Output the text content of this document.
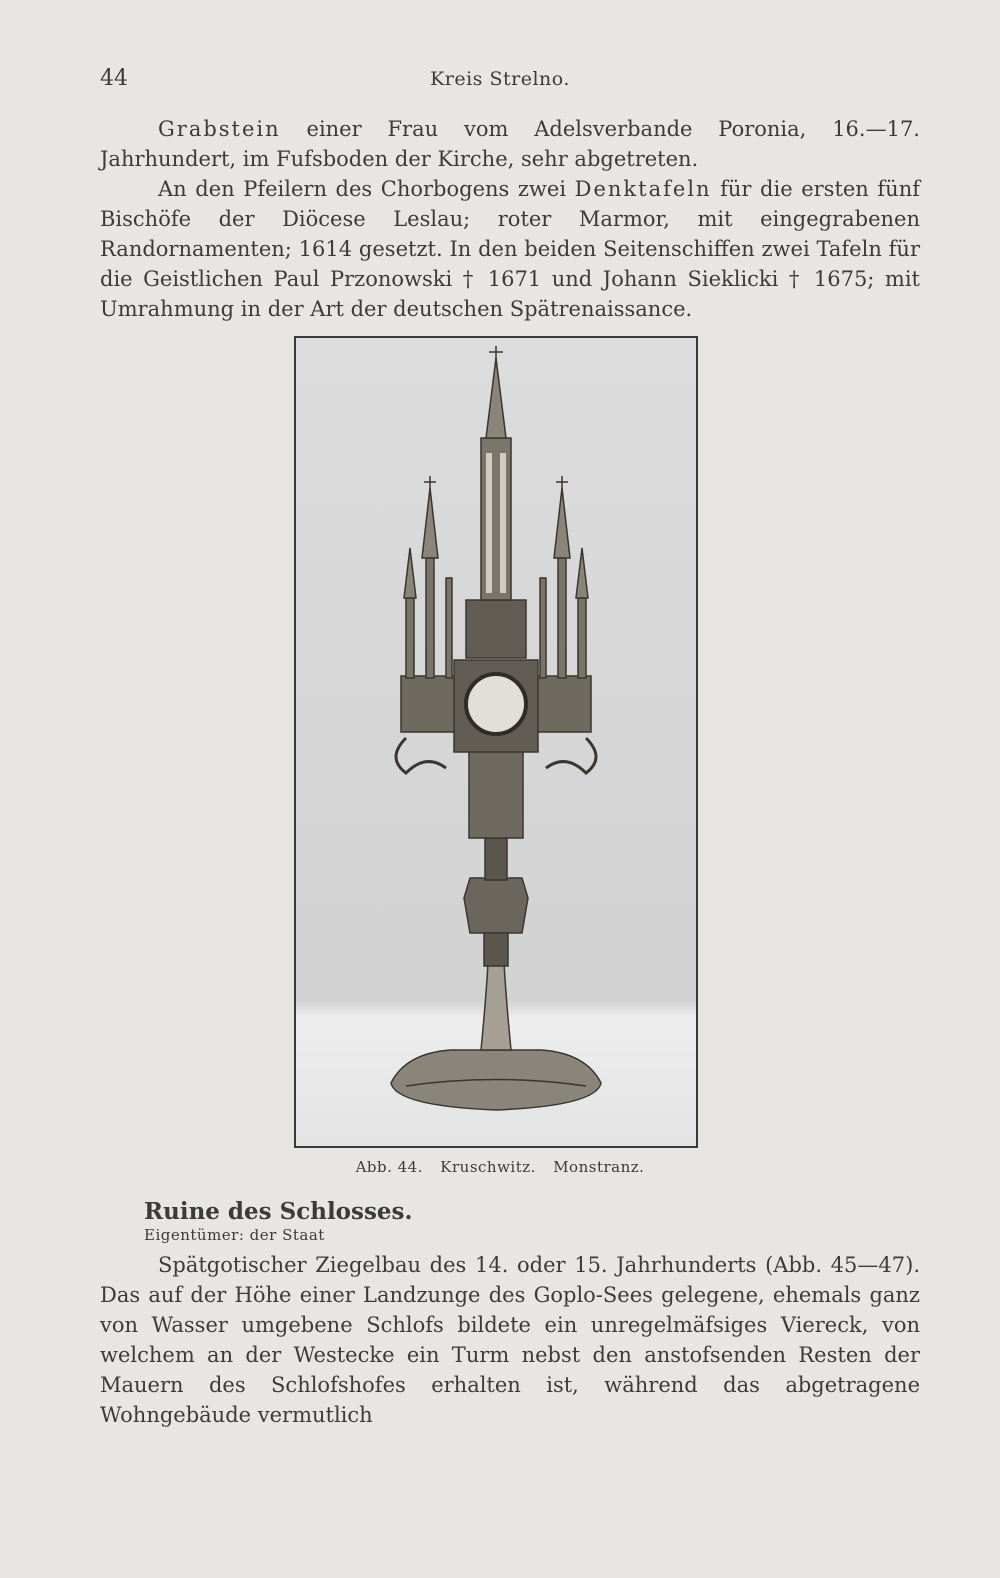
44	Kreis Strelno.

Grabstein einer Frau vom Adelsverbande Poronia, 16.—17. Jahrhundert, im Fufsboden der Kirche, sehr abgetreten.

An den Pfeilern des Chorbogens zwei Denktafeln für die ersten fünf Bischöfe der Diöcese Leslau; roter Marmor, mit eingegrabenen Randornamenten; 1614 gesetzt. In den beiden Seitenschiffen zwei Tafeln für die Geistlichen Paul Przonowski † 1671 und Johann Sieklicki † 1675; mit Umrahmung in der Art der deutschen Spätrenaissance.

Abb. 44. Kruschwitz. Monstranz.
Ruine des Schlosses.
Eigentümer: der Staat

Spätgotischer Ziegelbau des 14. oder 15. Jahrhunderts (Abb. 45—47). Das auf der Höhe einer Landzunge des Goplo-Sees gelegene, ehemals ganz von Wasser umgebene Schlofs bildete ein unregelmäfsiges Viereck, von welchem an der Westecke ein Turm nebst den anstofsenden Resten der Mauern des Schlofshofes erhalten ist, während das abgetragene Wohngebäude vermutlich
